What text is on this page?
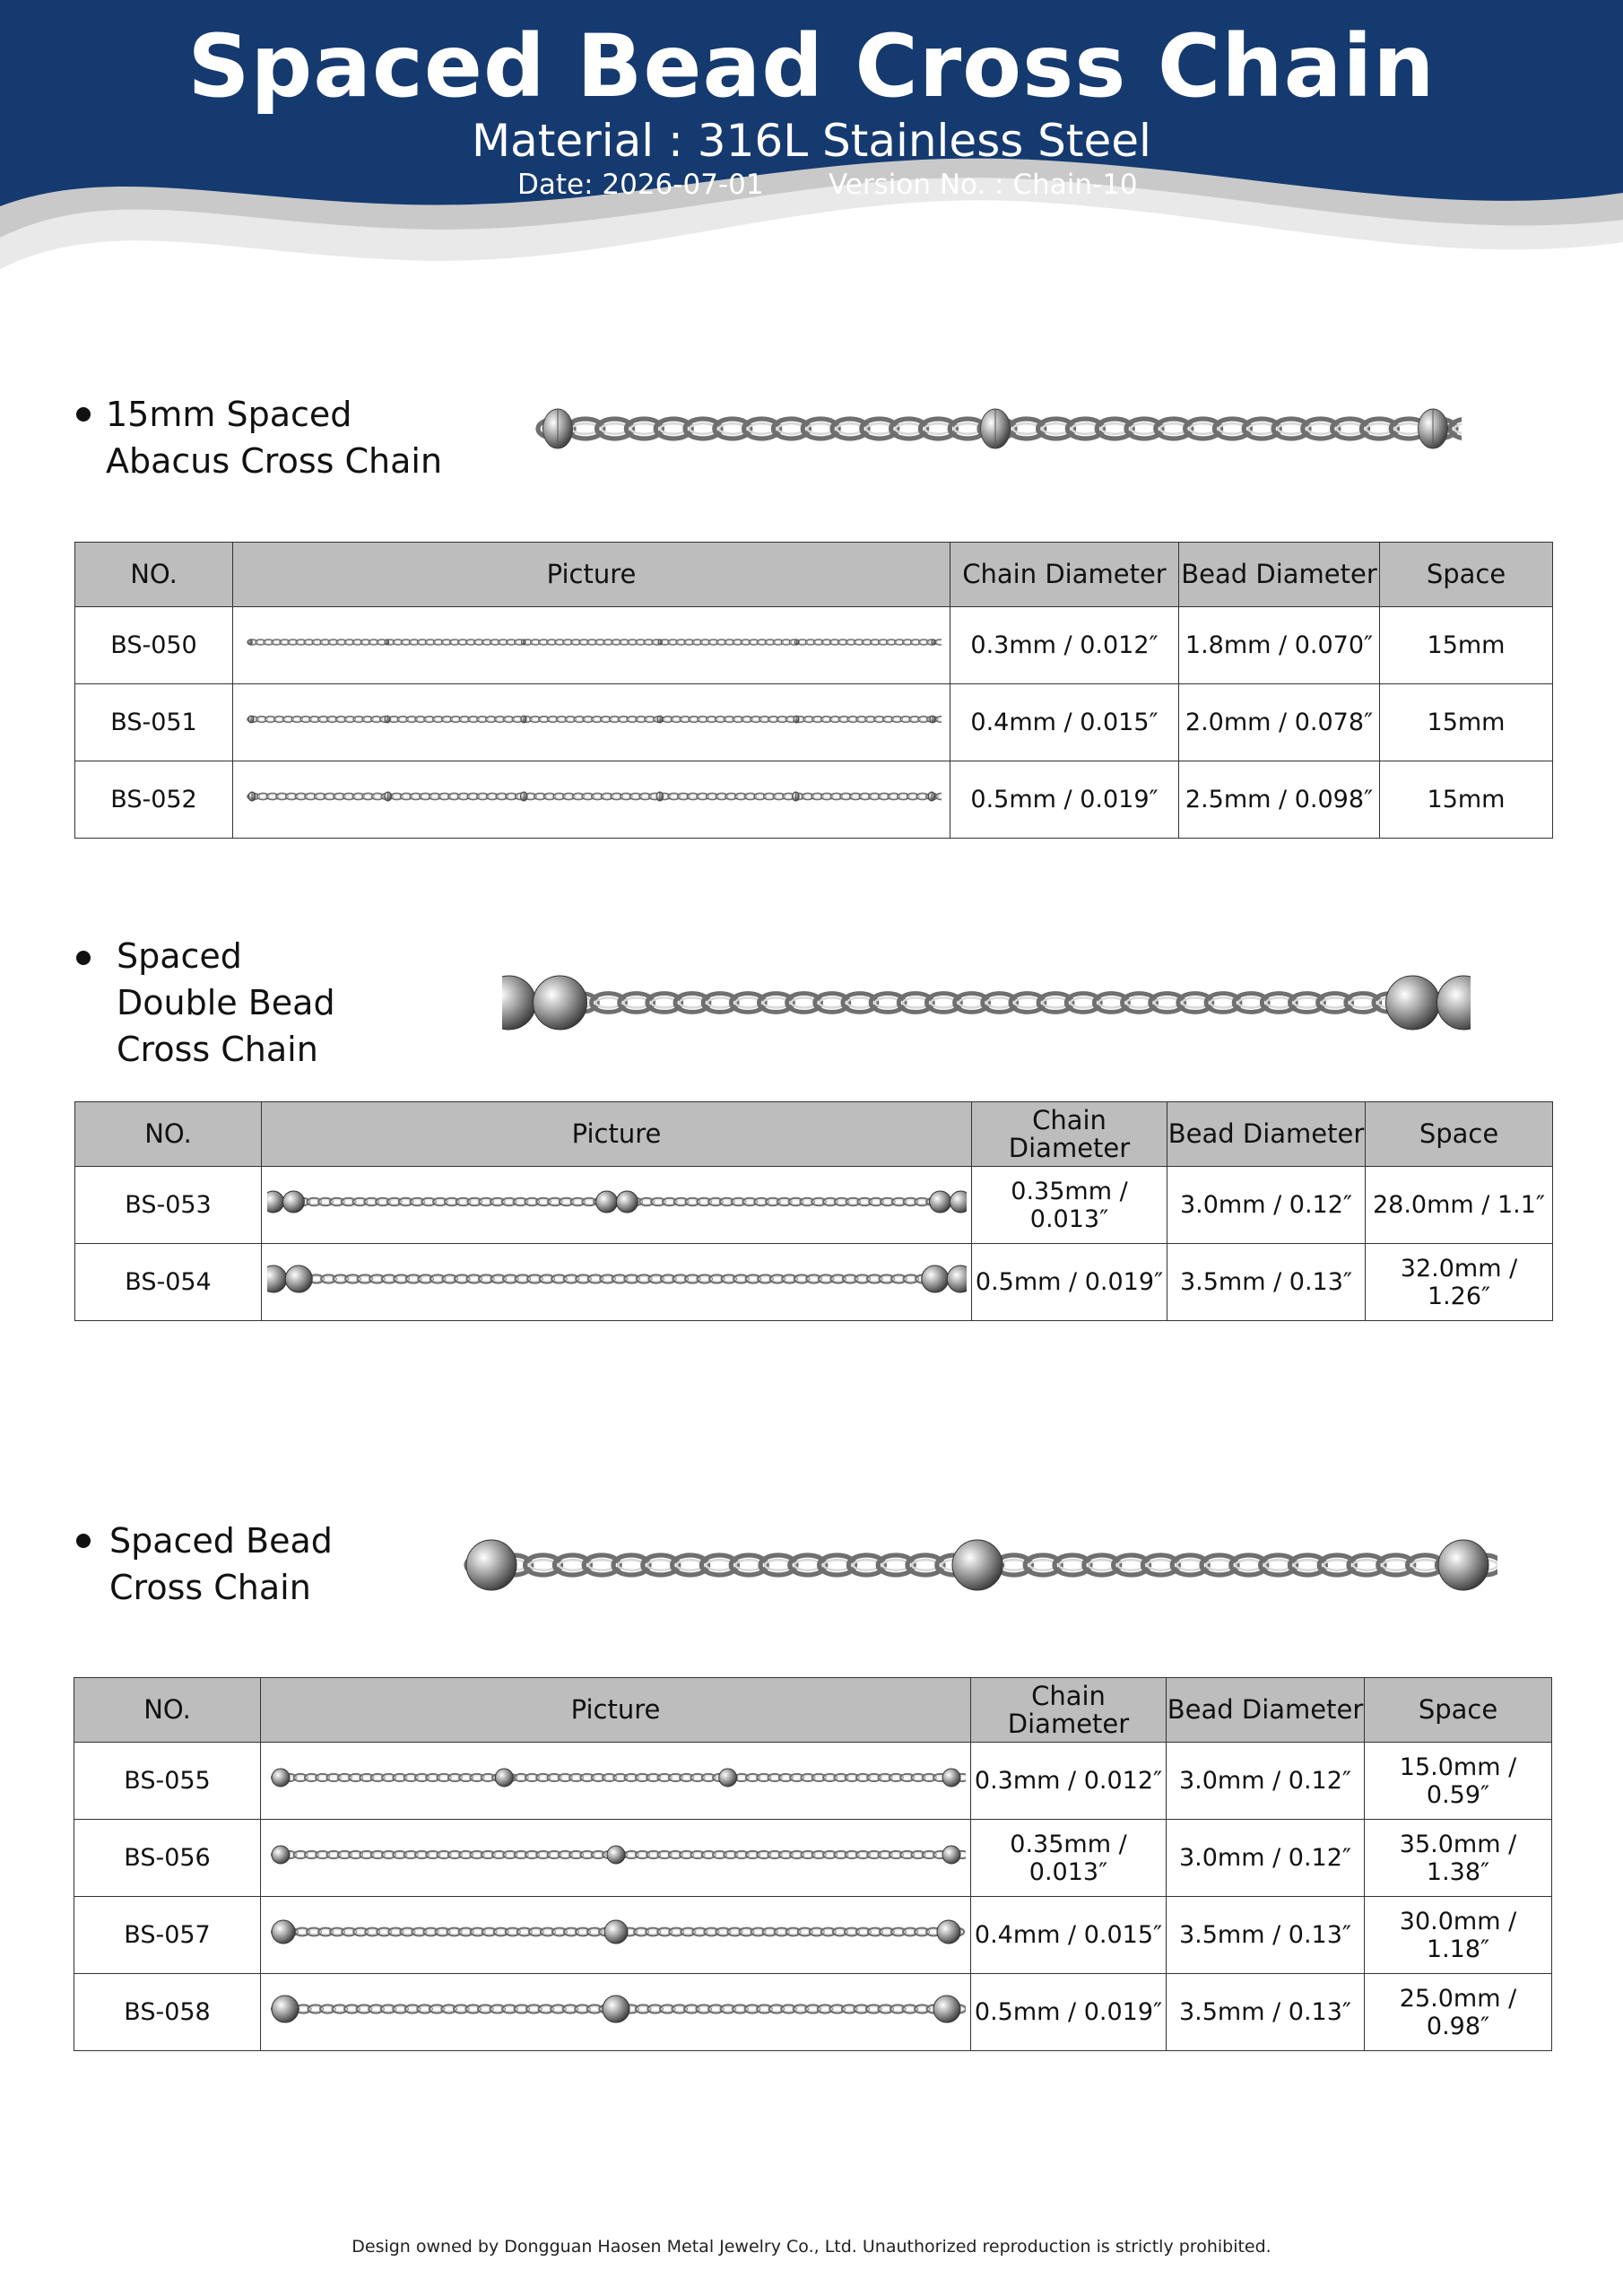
Spaced Bead Cross Chain
Material : 316L Stainless Steel
Date: 2026-07-01 Version No. : Chain-10
15mm Spaced
Abacus Cross Chain
NO.	Picture	Chain Diameter	Bead Diameter	Space
BS-050		0.3mm / 0.012″	1.8mm / 0.070″	15mm
BS-051		0.4mm / 0.015″	2.0mm / 0.078″	15mm
BS-052		0.5mm / 0.019″	2.5mm / 0.098″	15mm
Spaced
Double Bead
Cross Chain
NO.	Picture	Chain Diameter	Bead Diameter	Space
BS-053		0.35mm / 0.013″	3.0mm / 0.12″	28.0mm / 1.1″
BS-054		0.5mm / 0.019″	3.5mm / 0.13″	32.0mm / 1.26″
Spaced Bead
Cross Chain
NO.	Picture	Chain Diameter	Bead Diameter	Space
BS-055		0.3mm / 0.012″	3.0mm / 0.12″	15.0mm / 0.59″
BS-056		0.35mm / 0.013″	3.0mm / 0.12″	35.0mm / 1.38″
BS-057		0.4mm / 0.015″	3.5mm / 0.13″	30.0mm / 1.18″
BS-058		0.5mm / 0.019″	3.5mm / 0.13″	25.0mm / 0.98″
Design owned by Dongguan Haosen Metal Jewelry Co., Ltd. Unauthorized reproduction is strictly prohibited.
